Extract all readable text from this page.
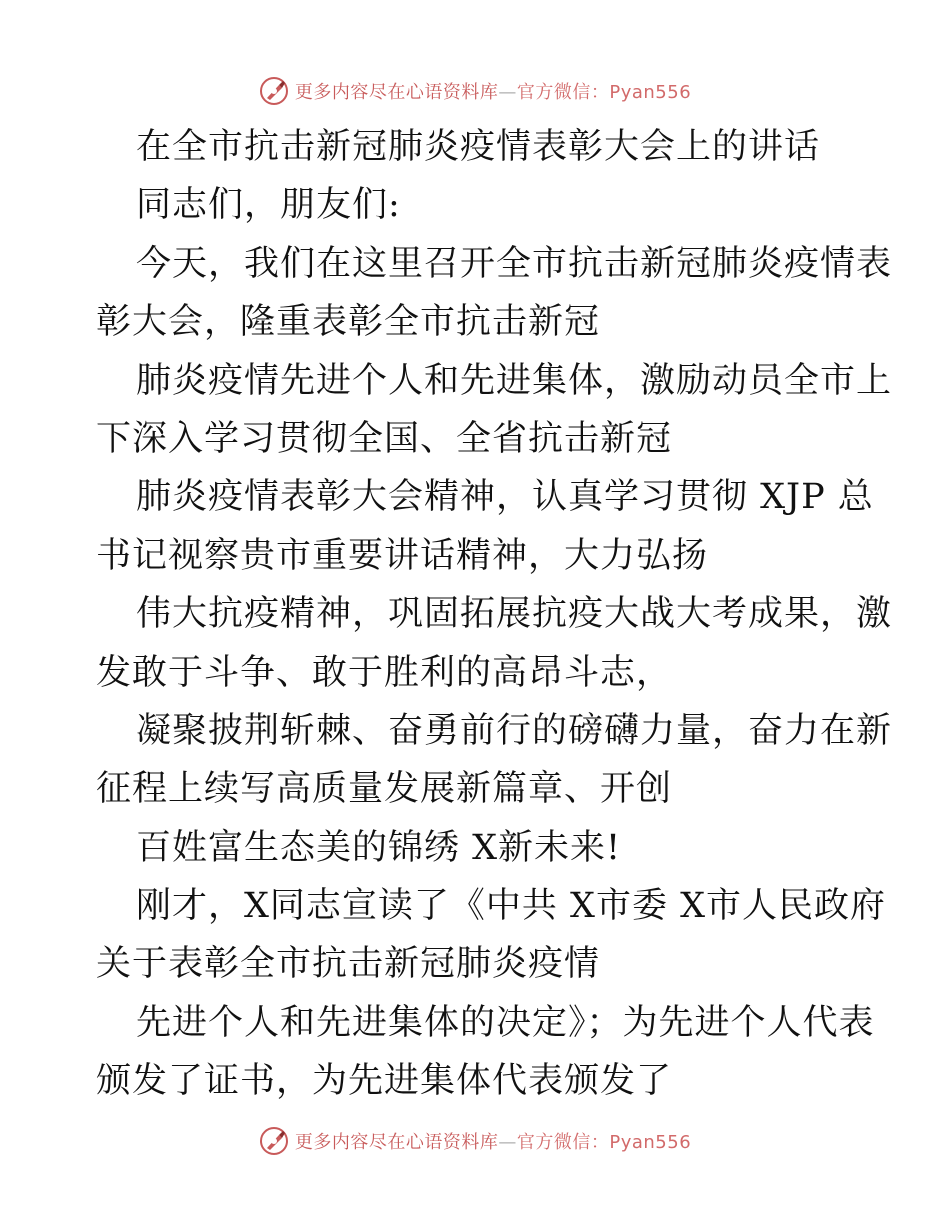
更多内容尽在心语资料库—官方微信：Pyan556
在全市抗击新冠肺炎疫情表彰大会上的讲话
同志们，朋友们:
今天，我们在这里召开全市抗击新冠肺炎疫情表
彰大会，隆重表彰全市抗击新冠
肺炎疫情先进个人和先进集体，激励动员全市上
下深入学习贯彻全国、全省抗击新冠
肺炎疫情表彰大会精神，认真学习贯彻 XJP 总
书记视察贵市重要讲话精神，大力弘扬
伟大抗疫精神，巩固拓展抗疫大战大考成果，激
发敢于斗争、敢于胜利的高昂斗志，
凝聚披荆斩棘、奋勇前行的磅礴力量，奋力在新
征程上续写高质量发展新篇章、开创
百姓富生态美的锦绣 X新未来!
刚才，X同志宣读了《中共 X市委 X市人民政府
关于表彰全市抗击新冠肺炎疫情
先进个人和先进集体的决定》；为先进个人代表
颁发了证书，为先进集体代表颁发了
更多内容尽在心语资料库—官方微信：Pyan556
